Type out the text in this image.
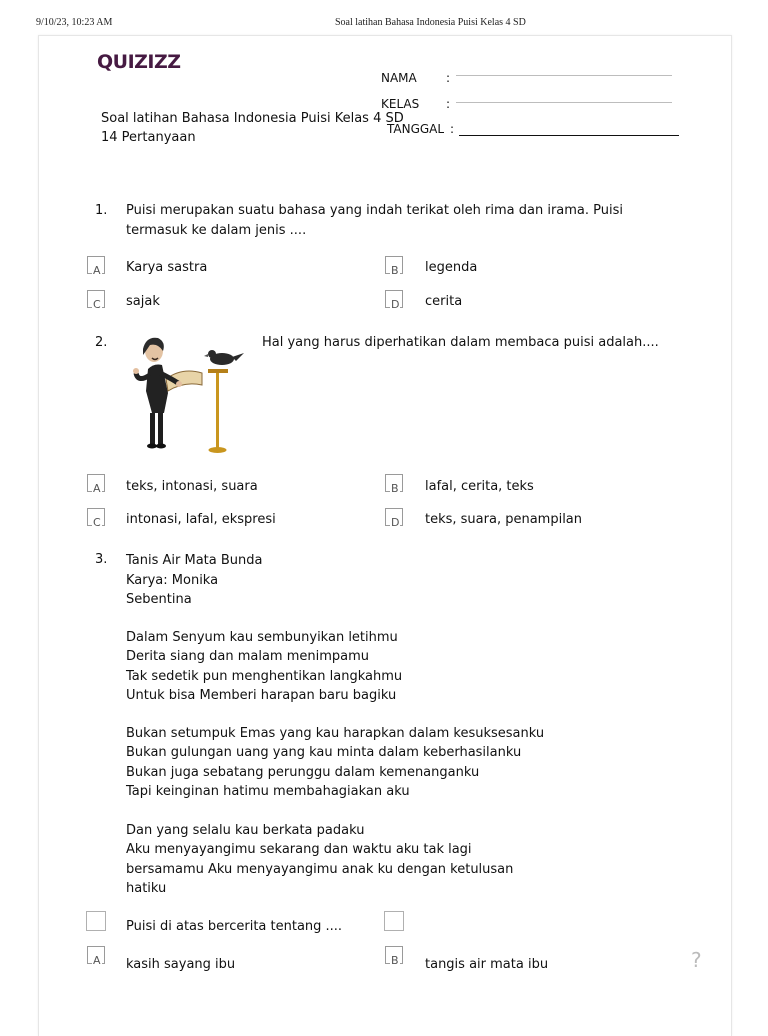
9/10/23, 10:23 AM	Soal latihan Bahasa Indonesia Puisi Kelas 4 SD
QUIZIZZ
NAMA :
KELAS :
TANGGAL :
Soal latihan Bahasa Indonesia Puisi Kelas 4 SD
14 Pertanyaan
1. Puisi merupakan suatu bahasa yang indah terikat oleh rima dan irama. Puisi termasuk ke dalam jenis ....
A Karya sastra	B legenda
C sajak	D cerita
2.	Hal yang harus diperhatikan dalam membaca puisi adalah....
A teks, intonasi, suara	B lafal, cerita, teks
C intonasi, lafal, ekspresi	D teks, suara, penampilan
3. Tanis Air Mata Bunda
Karya: Monika
Sebentina
Dalam Senyum kau sembunyikan letihmu
Derita siang dan malam menimpamu
Tak sedetik pun menghentikan langkahmu
Untuk bisa Memberi harapan baru bagiku
Bukan setumpuk Emas yang kau harapkan dalam kesuksesanku
Bukan gulungan uang yang kau minta dalam keberhasilanku
Bukan juga sebatang perunggu dalam kemenanganku
Tapi keinginan hatimu membahagiakan aku
Dan yang selalu kau berkata padaku
Aku menyayangimu sekarang dan waktu aku tak lagi
bersamamu Aku menyayangimu anak ku dengan ketulusan
hatiku
Puisi di atas bercerita tentang ....
A kasih sayang ibu	B tangis air mata ibu	?
